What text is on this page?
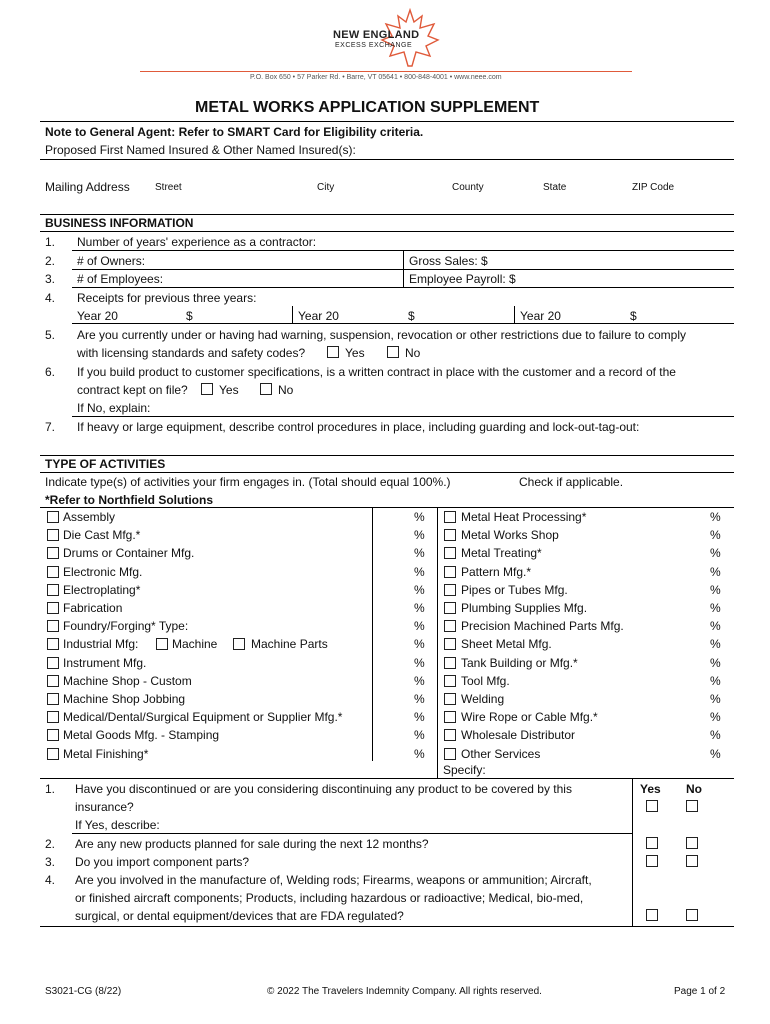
NEW ENGLAND
EXCESS EXCHANGE
P.O. Box 650 • 57 Parker Rd. • Barre, VT 05641 • 800-848-4001 • www.neee.com
METAL WORKS APPLICATION SUPPLEMENT
Note to General Agent: Refer to SMART Card for Eligibility criteria.
Proposed First Named Insured & Other Named Insured(s):
Mailing Address	Street	City	County	State	ZIP Code
BUSINESS INFORMATION
1. Number of years' experience as a contractor:
2. # of Owners:	Gross Sales: $
3. # of Employees:	Employee Payroll: $
4. Receipts for previous three years:
Year 20	$	Year 20	$	Year 20	$
5. Are you currently under or having had warning, suspension, revocation or other restrictions due to failure to comply
with licensing standards and safety codes?	Yes	No
6. If you build product to customer specifications, is a written contract in place with the customer and a record of the
contract kept on file?	Yes	No
If No, explain:
7. If heavy or large equipment, describe control procedures in place, including guarding and lock-out-tag-out:
TYPE OF ACTIVITIES
Indicate type(s) of activities your firm engages in. (Total should equal 100%.)	Check if applicable.
*Refer to Northfield Solutions
Assembly	%
Die Cast Mfg.*	%
Drums or Container Mfg.	%
Electronic Mfg.	%
Electroplating*	%
Fabrication	%
Foundry/Forging* Type:	%
Industrial Mfg:	%
Machine	Machine Parts
Instrument Mfg.	%
Machine Shop - Custom	%
Machine Shop Jobbing	%
Medical/Dental/Surgical Equipment or Supplier Mfg.*	%
Metal Goods Mfg. - Stamping	%
Metal Finishing*	%
Metal Heat Processing*	%
Metal Works Shop	%
Metal Treating*	%
Pattern Mfg.*	%
Pipes or Tubes Mfg.	%
Plumbing Supplies Mfg.	%
Precision Machined Parts Mfg.	%
Sheet Metal Mfg.	%
Tank Building or Mfg.*	%
Tool Mfg.	%
Welding	%
Wire Rope or Cable Mfg.*	%
Wholesale Distributor	%
Other Services	%
Specify:
Yes No
1. Have you discontinued or are you considering discontinuing any product to be covered by this
insurance?
If Yes, describe:
2. Are any new products planned for sale during the next 12 months?
3. Do you import component parts?
4. Are you involved in the manufacture of, Welding rods; Firearms, weapons or ammunition; Aircraft,
or finished aircraft components; Products, including hazardous or radioactive; Medical, bio-med,
surgical, or dental equipment/devices that are FDA regulated?
S3021-CG (8/22)	© 2022 The Travelers Indemnity Company. All rights reserved.	Page 1 of 2
